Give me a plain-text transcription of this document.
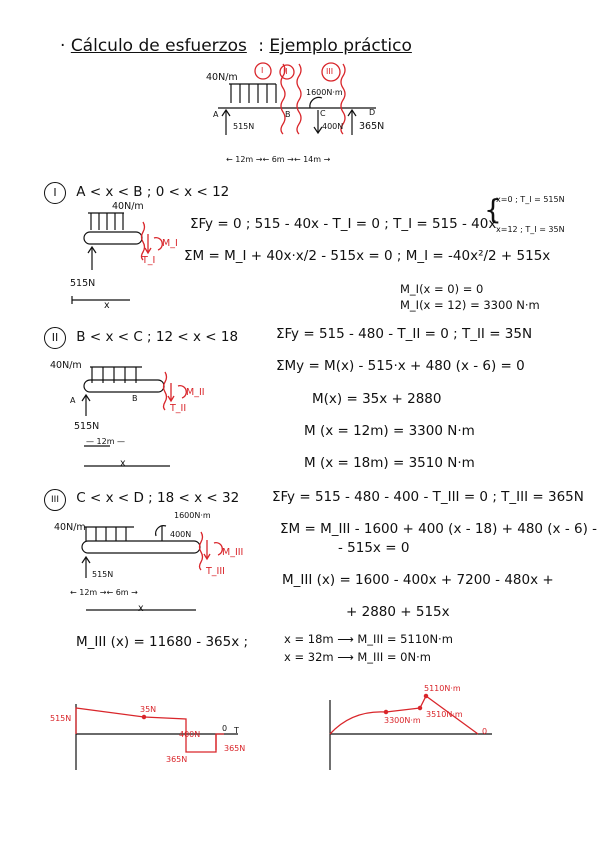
· Cálculo de esfuerzos : Ejemplo práctico
40N/m
I II	III
1600N·m
A	B	C	D
515N	400N 365N
← 12m →← 6m →← 14m →
I A < x < B ; 0 < x < 12
40N/m
M_I
T_I
515N
x
ΣFy = 0 ; 515 - 40x - T_I = 0 ; T_I = 515 - 40x
{
x=0 ; T_I = 515N
x=12 ; T_I = 35N
ΣM = M_I + 40x·x/2 - 515x = 0 ; M_I = -40x²/2 + 515x
M_I(x = 0) = 0
M_I(x = 12) = 3300 N·m
II B < x < C ; 12 < x < 18
40N/m
A	B
M_II
T_II
515N
— 12m —
x
ΣFy = 515 - 480 - T_II = 0 ; T_II = 35N
ΣMy = M(x) - 515·x + 480 (x - 6) = 0
M(x) = 35x + 2880
M (x = 12m) = 3300 N·m
M (x = 18m) = 3510 N·m
III C < x < D ; 18 < x < 32
40N/m
1600N·m
400N
M_III
T_III
515N
← 12m →← 6m →
x
ΣFy = 515 - 480 - 400 - T_III = 0 ; T_III = 365N
ΣM = M_III - 1600 + 400 (x - 18) + 480 (x - 6) -
- 515x = 0
M_III (x) = 1600 - 400x + 7200 - 480x +
+ 2880 + 515x
M_III (x) = 11680 - 365x ;	x = 18m ⟶ M_III = 5110N·m
x = 32m ⟶ M_III = 0N·m
515N
35N
400N
365N
365N
0 T
5110N·m
3300N·m
3510N·m
0
